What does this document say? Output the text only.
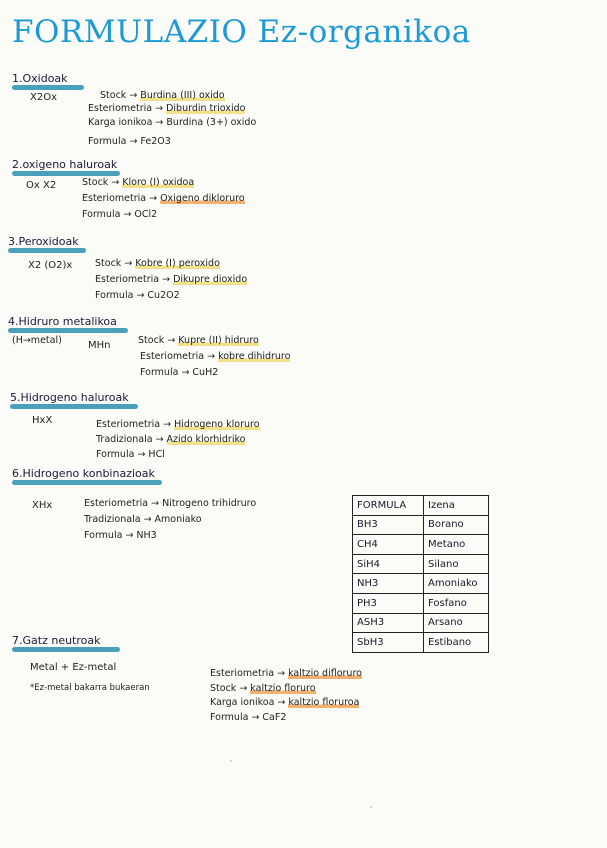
FORMULAZIO Ez-organikoa
1.Oxidoak
X2Ox	Stock → Burdina (III) oxido
Esteriometria → Diburdin trioxido
Karga ionikoa → Burdina (3+) oxido
Formula → Fe2O3
2.oxigeno haluroak
Ox X2	Stock → Kloro (I) oxidoa
Esteriometria → Oxigeno dikloruro
Formula → OCl2
3.Peroxidoak
X2 (O2)x Stock → Kobre (I) peroxido
Esteriometria → Dikupre dioxido
Formula → Cu2O2
4.Hidruro metalikoa
(H→metal)	MHn	Stock → Kupre (II) hidruro
Esteriometria → kobre dihidruro
Formula → CuH2
5.Hidrogeno haluroak
HxX	Esteriometria → Hidrogeno kloruro
Tradizionala → Azido klorhidriko
Formula → HCl
6.Hidrogeno konbinazioak
XHx	Esteriometria → Nitrogeno trihidruro
Tradizionala → Amoniako
Formula → NH3
FORMULA	Izena
BH3	Borano
CH4	Metano
SiH4	Silano
NH3	Amoniako
PH3	Fosfano
ASH3	Arsano
SbH3	Estibano
7.Gatz neutroak
Metal + Ez-metal
*Ez-metal bakarra bukaeran
Esteriometria → kaltzio difloruro
Stock → kaltzio floruro
Karga ionikoa → kaltzio floruroa
Formula → CaF2
